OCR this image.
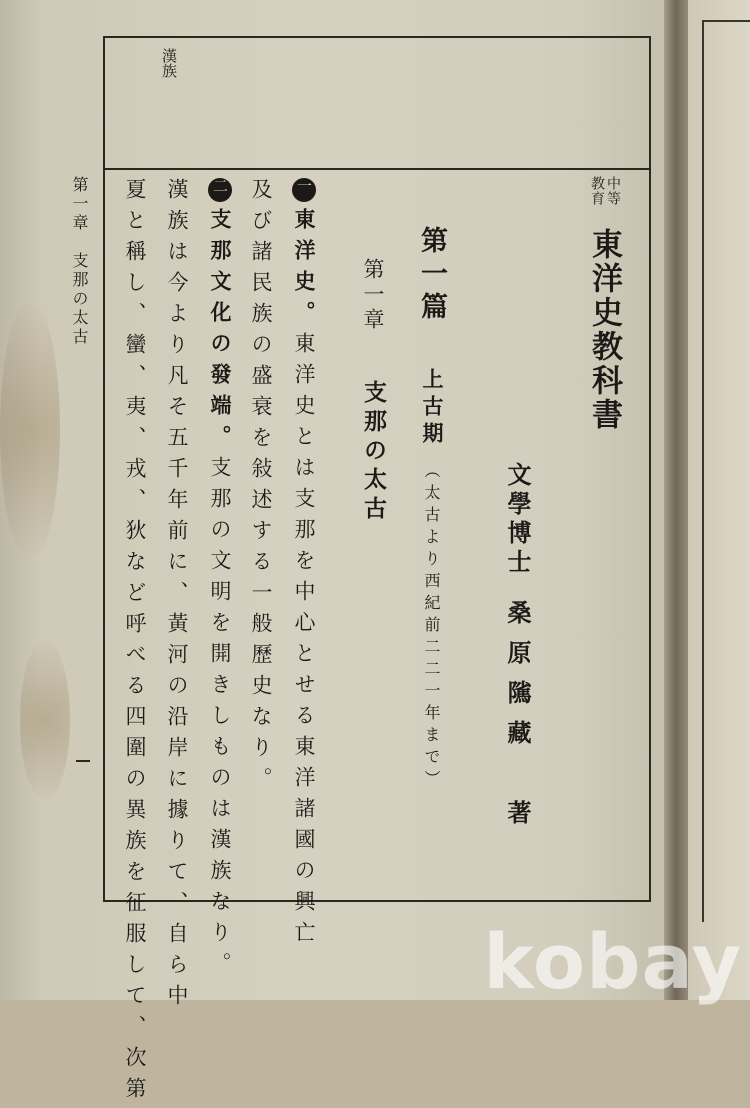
漢族
第一章　支那の太古	中等
教育
東洋史教科書
文學博士
桑原隲藏
著
第一篇
上古期
（太古より西紀前二二一年まで）
第一章
支那の太古
一東洋史。東洋史とは支那を中心とせる東洋諸國の興亡
及び諸民族の盛衰を敍述する一般歷史なり。
二支那文化の發端。支那の文明を開きしものは漢族なり。
漢族は今より凡そ五千年前に、黃河の沿岸に據りて、自ら中
夏と稱し、蠻、夷、戎、狄など呼べる四圍の異族を征服して、次第	kobay
